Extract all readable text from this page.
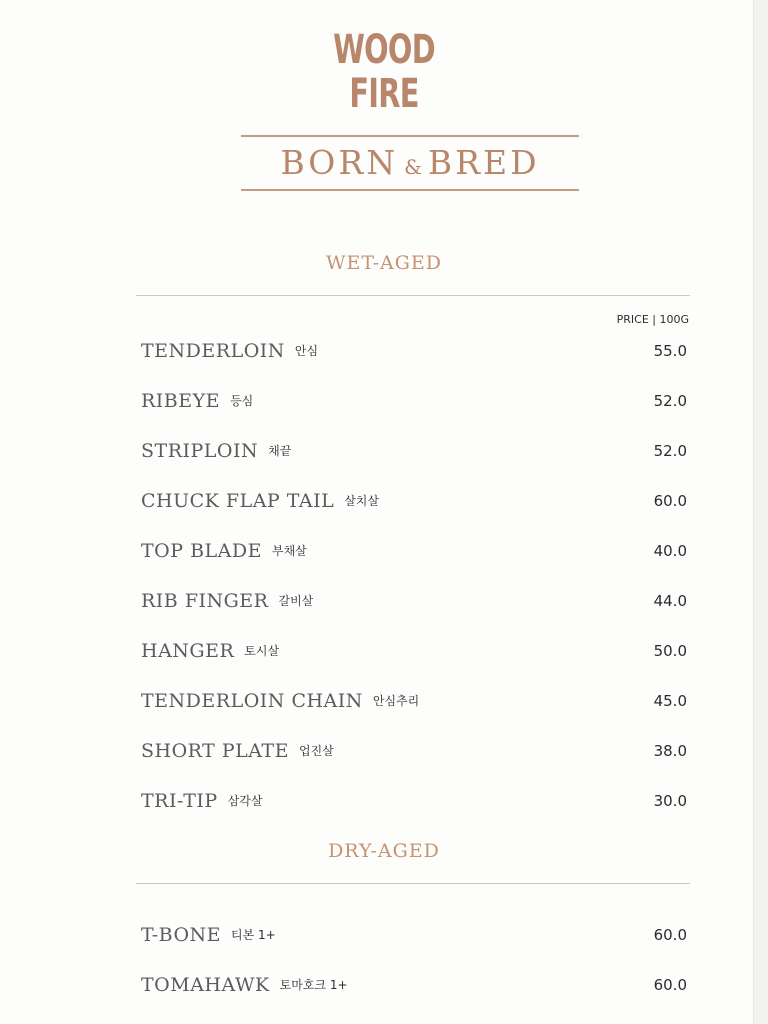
WOOD
FIRE
BORN & BRED
WET-AGED
PRICE | 100G
TENDERLOIN 안심	55.0
RIBEYE 등심	52.0
STRIPLOIN 채끝	52.0
CHUCK FLAP TAIL 살치살	60.0
TOP BLADE 부채살	40.0
RIB FINGER 갈비살	44.0
HANGER 토시살	50.0
TENDERLOIN CHAIN 안심추리	45.0
SHORT PLATE 업진살	38.0
TRI-TIP 삼각살	30.0
DRY-AGED
T-BONE 티본 1+	60.0
TOMAHAWK 토마호크 1+	60.0
